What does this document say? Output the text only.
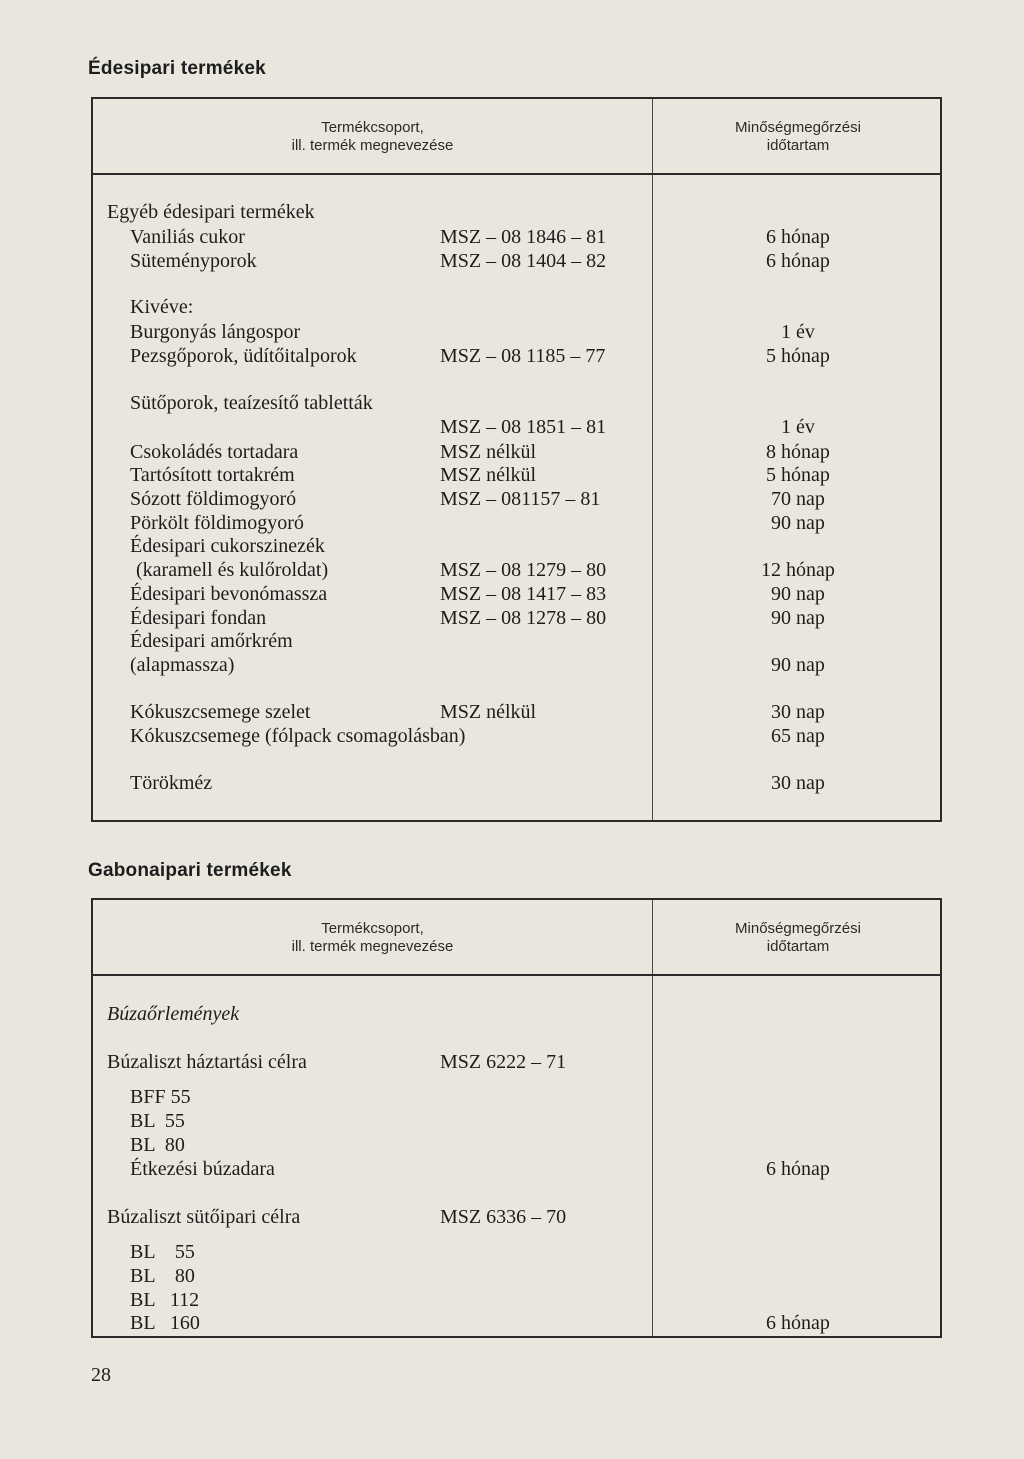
Édesipari termékek
Termékcsoport,
ill. termék megnevezése
Minőségmegőrzési
időtartam
Egyéb édesipari termékek
Vaniliás cukor	MSZ – 08 1846 – 81	6 hónap
Süteményporok	MSZ – 08 1404 – 82	6 hónap
Kivéve:
Burgonyás lángospor	1 év
Pezsgőporok, üdítőitalporok	MSZ – 08 1185 – 77	5 hónap
Sütőporok, teaízesítő tabletták
MSZ – 08 1851 – 81	1 év
Csokoládés tortadara	MSZ nélkül	8 hónap
Tartósított tortakrém	MSZ nélkül	5 hónap
Sózott földimogyoró	MSZ – 081157 – 81	70 nap
Pörkölt földimogyoró	90 nap
Édesipari cukorszinezék
(karamell és kulőroldat)	MSZ – 08 1279 – 80	12 hónap
Édesipari bevonómassza	MSZ – 08 1417 – 83	90 nap
Édesipari fondan	MSZ – 08 1278 – 80	90 nap
Édesipari amőrkrém
(alapmassza)	90 nap
Kókuszcsemege szelet	MSZ nélkül	30 nap
Kókuszcsemege (fólpack csomagolásban)	65 nap
Törökméz	30 nap
Gabonaipari termékek
Termékcsoport,
ill. termék megnevezése
Minőségmegőrzési
időtartam
Búzaőrlemények
Búzaliszt háztartási célra	MSZ 6222 – 71
BFF 55
BL  55
BL  80
Étkezési búzadara	6 hónap
Búzaliszt sütőipari célra	MSZ 6336 – 70
BL    55
BL    80
BL   112
BL   160	6 hónap
28
